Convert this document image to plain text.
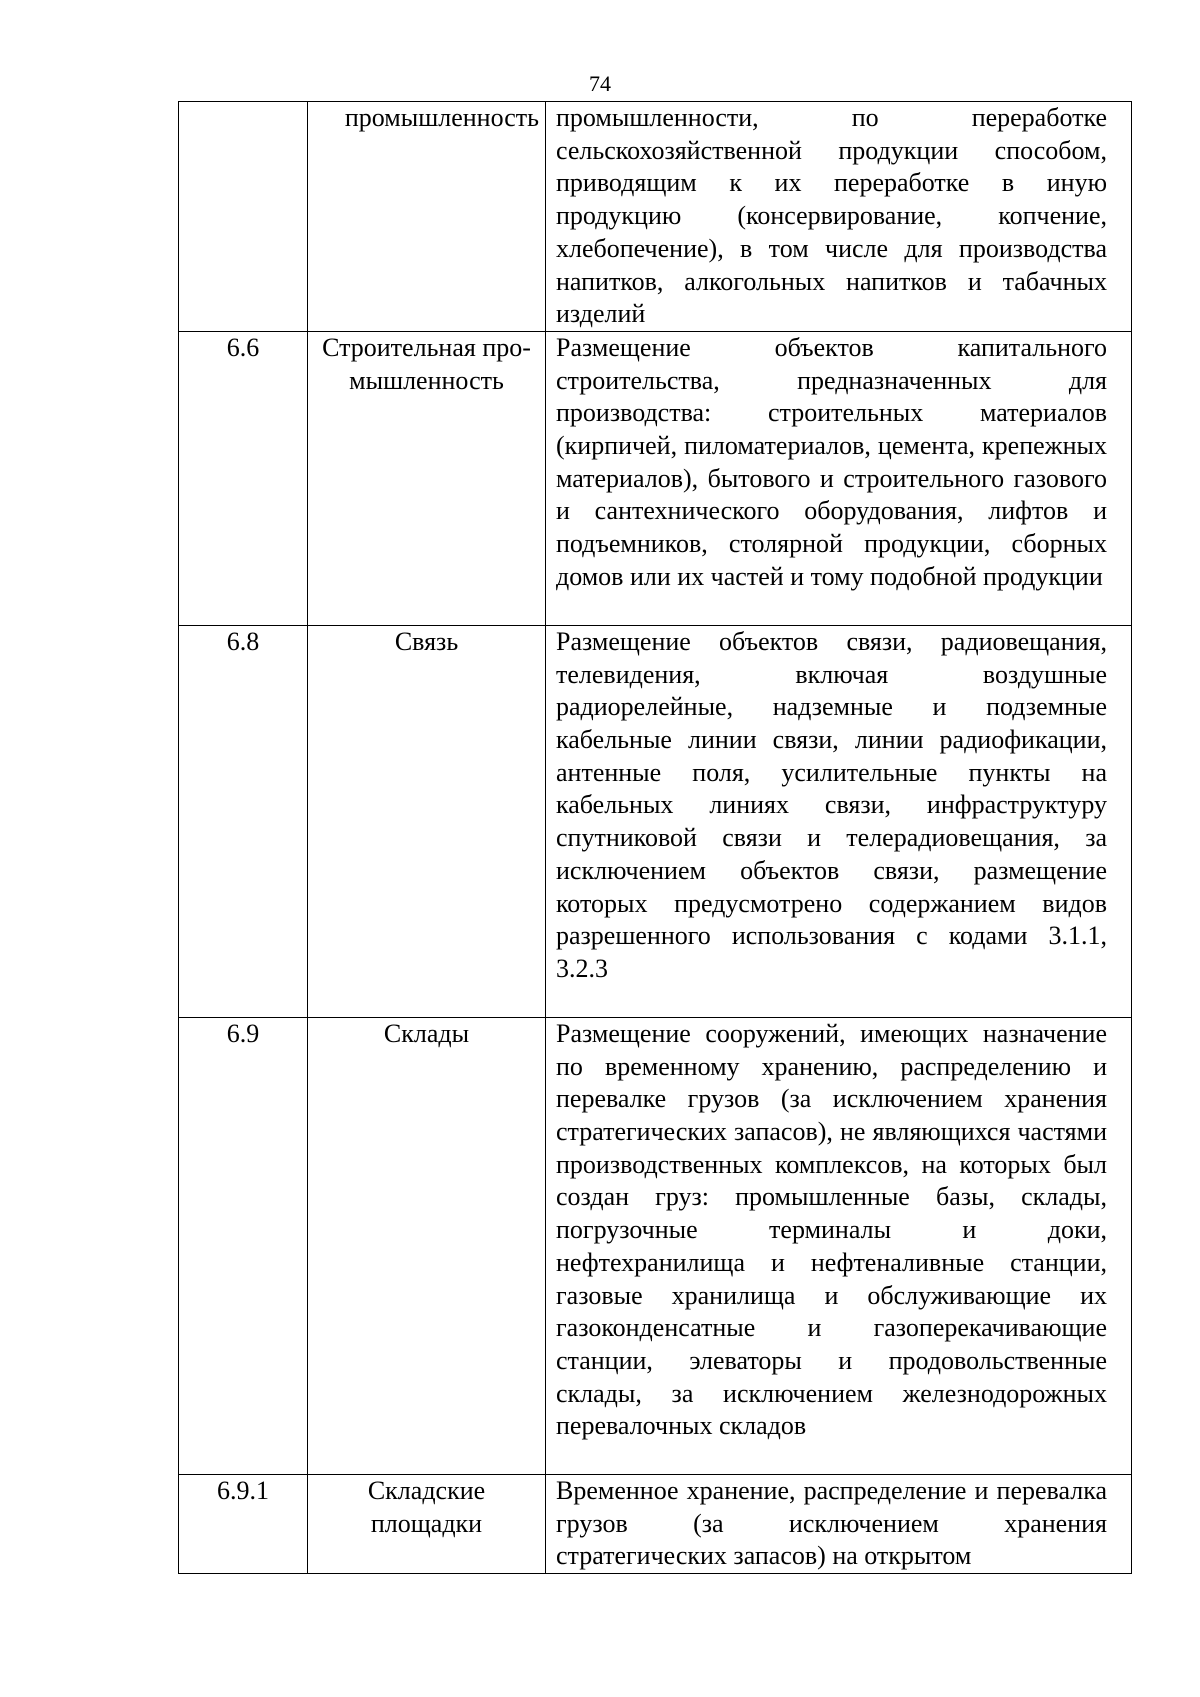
74
	промышленность	промышленности, по переработке сельскохозяйственной продукции способом, приводящим к их переработке в иную продукцию (консервирование, копчение, хлебопечение), в том числе для производства напитков, алкогольных напитков и табачных изделий
6.6	Строительная про-мышленность	Размещение объектов капитального строительства, предназначенных для производства: строительных материалов (кирпичей, пиломатериалов, цемента, крепежных материалов), бытового и строительного газового и сантехнического оборудования, лифтов и подъемников, столярной продукции, сборных домов или их частей и тому подобной продукции
6.8	Связь	Размещение объектов связи, радиовещания, телевидения, включая воздушные радиорелейные, надземные и подземные кабельные линии связи, линии радиофикации, антенные поля, усилительные пункты на кабельных линиях связи, инфраструктуру спутниковой связи и телерадиовещания, за исключением объектов связи, размещение которых предусмотрено содержанием видов разрешенного использования с кодами 3.1.1, 3.2.3
6.9	Склады	Размещение сооружений, имеющих назначение по временному хранению, распределению и перевалке грузов (за исключением хранения стратегических запасов), не являющихся частями производственных комплексов, на которых был создан груз: промышленные базы, склады, погрузочные терминалы и доки, нефтехранилища и нефтеналивные станции, газовые хранилища и обслуживающие их газоконденсатные и газоперекачивающие станции, элеваторы и продовольственные склады, за исключением железнодорожных перевалочных складов
6.9.1	Складские площадки	Временное хранение, распределение и перевалка грузов (за исключением хранения стратегических запасов) на открытом
